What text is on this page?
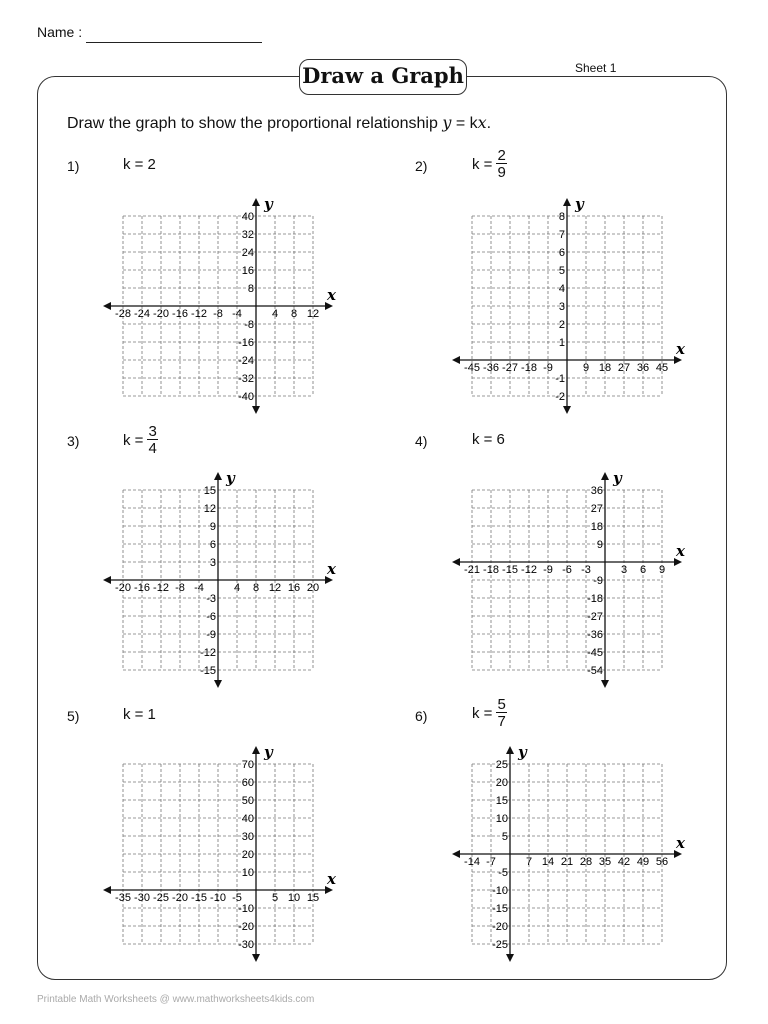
Name :
Sheet 1
Draw a Graph
Draw the graph to show the proportional relationship y = kx.
1)	k = 2	2)	$k = \frac{2}{9}$
3)	$k = \frac{3}{4}$	4)	k = 6
5)	k = 1	6)	$k = \frac{5}{7}$
x
y
-28 -24 -20 -16 -12 -8 -4	4 8 12
40
32
24
16
8
-8
-16
-24
-32
-40
x
y
-45 -36 -27 -18 -9	9 18 27 36 45
8
7
6
5
4
3
2
1
-1
-2
x
y
-20 -16 -12 -8 -4	4 8 12 16 20
15
12
9
6
3
-3
-6
-9
-12
-15
x
y
-21 -18 -15 -12 -9 -6 -3	3 6 9
36
27
18
9
-9
-18
-27
-36
-45
-54
x
y
-35 -30 -25 -20 -15 -10 -5	5 10 15
70
60
50
40
30
20
10
-10
-20
-30
x
y
-14 -7	7 14 21 28 35 42 49 56
25
20
15
10
5
-5
-10
-15
-20
-25
Printable Math Worksheets @ www.mathworksheets4kids.com
